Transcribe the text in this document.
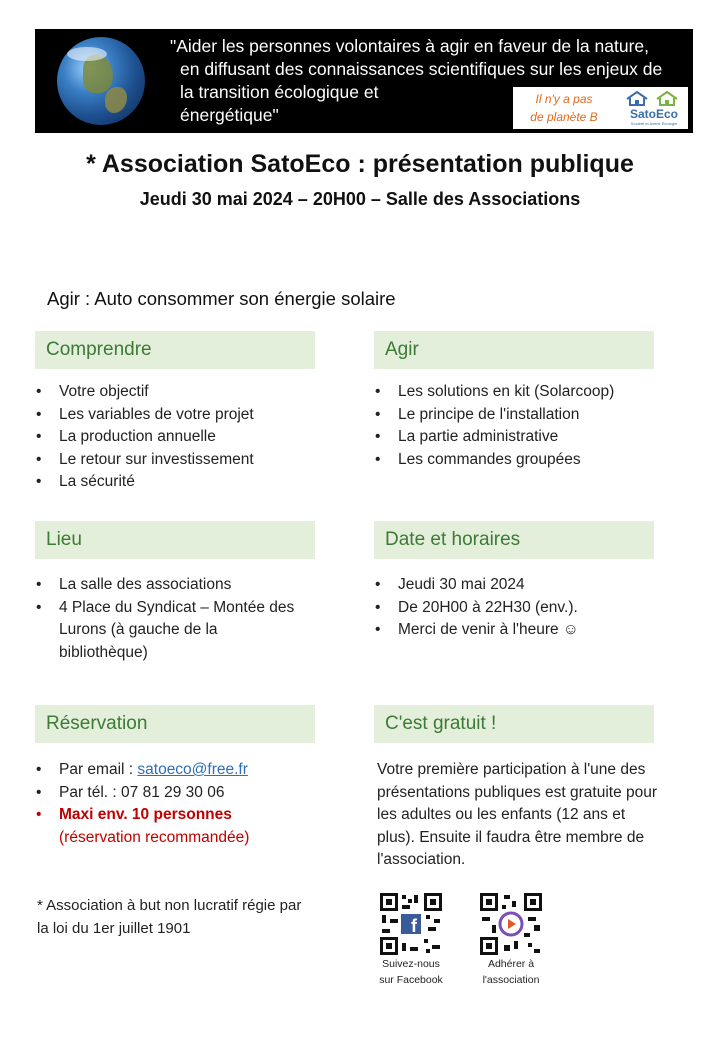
"Aider les personnes volontaires à agir en faveur de la nature,
en diffusant des connaissances scientifiques sur les enjeux de
la transition écologique et
énergétique"
Il n'y a pas
de planète B	SatoEco
Société et Avenir Écologie
* Association SatoEco : présentation publique
Jeudi 30 mai 2024 – 20H00 – Salle des Associations
Agir : Auto consommer son énergie solaire
Comprendre
• Votre objectif
• Les variables de votre projet
• La production annuelle
• Le retour sur investissement
• La sécurité
Agir
• Les solutions en kit (Solarcoop)
• Le principe de l'installation
• La partie administrative
• Les commandes groupées
Lieu
• La salle des associations
• 4 Place du Syndicat – Montée des Lurons (à gauche de la bibliothèque)
Date et horaires
• Jeudi 30 mai 2024
• De 20H00 à 22H30 (env.).
• Merci de venir à l'heure ☺
Réservation
• Par email : satoeco@free.fr
• Par tél. : 07 81 29 30 06
• Maxi env. 10 personnes
(réservation recommandée)
C'est gratuit !
Votre première participation à l'une des présentations publiques est gratuite pour les adultes ou les enfants (12 ans et plus). Ensuite il faudra être membre de l'association.
* Association à but non lucratif régie par la loi du 1er juillet 1901	f
Suivez-nous
sur Facebook
Adhérer à
l'association
